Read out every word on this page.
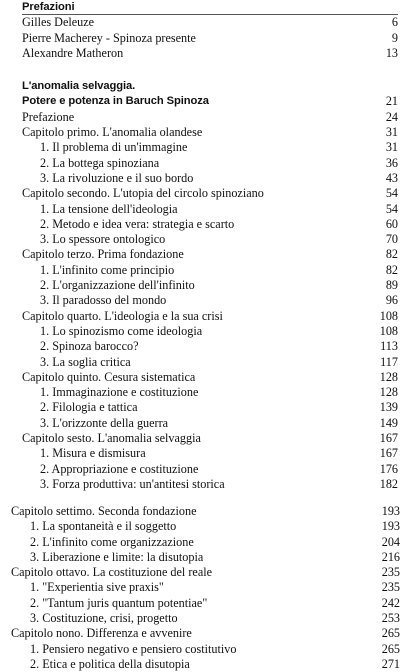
Prefazioni
Gilles Deleuze	6
Pierre Macherey - Spinoza presente	9
Alexandre Matheron	13
L'anomalia selvaggia.
Potere e potenza in Baruch Spinoza	21
Prefazione	24
Capitolo primo. L'anomalia olandese	31
1. Il problema di un'immagine	31
2. La bottega spinoziana	36
3. La rivoluzione e il suo bordo	43
Capitolo secondo. L'utopia del circolo spinoziano	54
1. La tensione dell'ideologia	54
2. Metodo e idea vera: strategia e scarto	60
3. Lo spessore ontologico	70
Capitolo terzo. Prima fondazione	82
1. L'infinito come principio	82
2. L'organizzazione dell'infinito	89
3. Il paradosso del mondo	96
Capitolo quarto. L'ideologia e la sua crisi	108
1. Lo spinozismo come ideologia	108
2. Spinoza barocco?	113
3. La soglia critica	117
Capitolo quinto. Cesura sistematica	128
1. Immaginazione e costituzione	128
2. Filologia e tattica	139
3. L'orizzonte della guerra	149
Capitolo sesto. L'anomalia selvaggia	167
1. Misura e dismisura	167
2. Appropriazione e costituzione	176
3. Forza produttiva: un'antitesi storica	182
Capitolo settimo. Seconda fondazione	193
1. La spontaneità e il soggetto	193
2. L'infinito come organizzazione	204
3. Liberazione e limite: la disutopia	216
Capitolo ottavo. La costituzione del reale	235
1. "Experientia sive praxis"	235
2. "Tantum juris quantum potentiae"	242
3. Costituzione, crisi, progetto	253
Capitolo nono. Differenza e avvenire	265
1. Pensiero negativo e pensiero costitutivo	265
2. Etica e politica della disutopia	271
